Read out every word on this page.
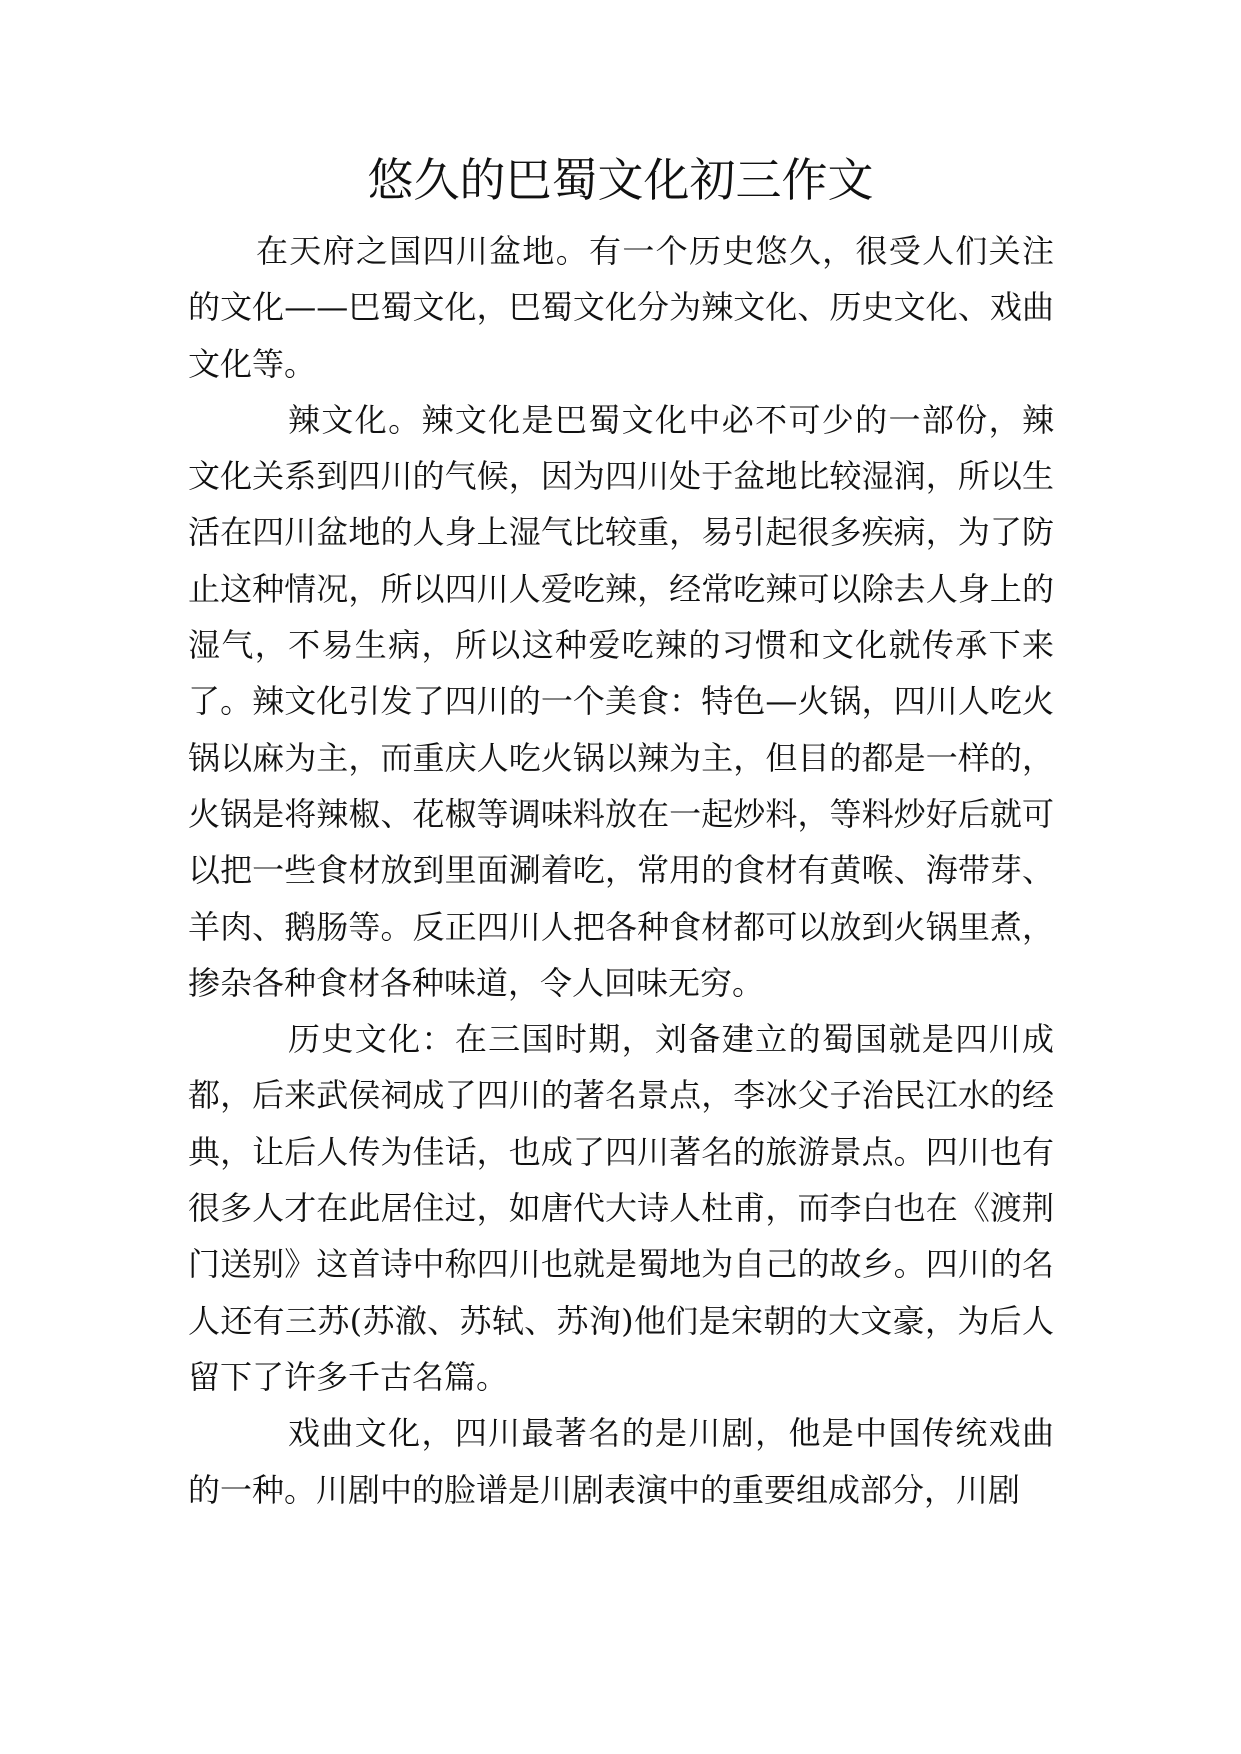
悠久的巴蜀文化初三作文

在天府之国四川盆地。有一个历史悠久，很受人们关注的文化——巴蜀文化，巴蜀文化分为辣文化、历史文化、戏曲文化等。

辣文化。辣文化是巴蜀文化中必不可少的一部份，辣文化关系到四川的气候，因为四川处于盆地比较湿润，所以生活在四川盆地的人身上湿气比较重，易引起很多疾病，为了防止这种情况，所以四川人爱吃辣，经常吃辣可以除去人身上的湿气，不易生病，所以这种爱吃辣的习惯和文化就传承下来了。辣文化引发了四川的一个美食：特色—火锅，四川人吃火锅以麻为主，而重庆人吃火锅以辣为主，但目的都是一样的，火锅是将辣椒、花椒等调味料放在一起炒料，等料炒好后就可以把一些食材放到里面涮着吃，常用的食材有黄喉、海带芽、羊肉、鹅肠等。反正四川人把各种食材都可以放到火锅里煮，掺杂各种食材各种味道，令人回味无穷。

历史文化：在三国时期，刘备建立的蜀国就是四川成都，后来武侯祠成了四川的著名景点，李冰父子治民江水的经典，让后人传为佳话，也成了四川著名的旅游景点。四川也有很多人才在此居住过，如唐代大诗人杜甫，而李白也在《渡荆门送别》这首诗中称四川也就是蜀地为自己的故乡。四川的名人还有三苏(苏澈、苏轼、苏洵)他们是宋朝的大文豪，为后人留下了许多千古名篇。

戏曲文化，四川最著名的是川剧，他是中国传统戏曲的一种。川剧中的脸谱是川剧表演中的重要组成部分，川剧
